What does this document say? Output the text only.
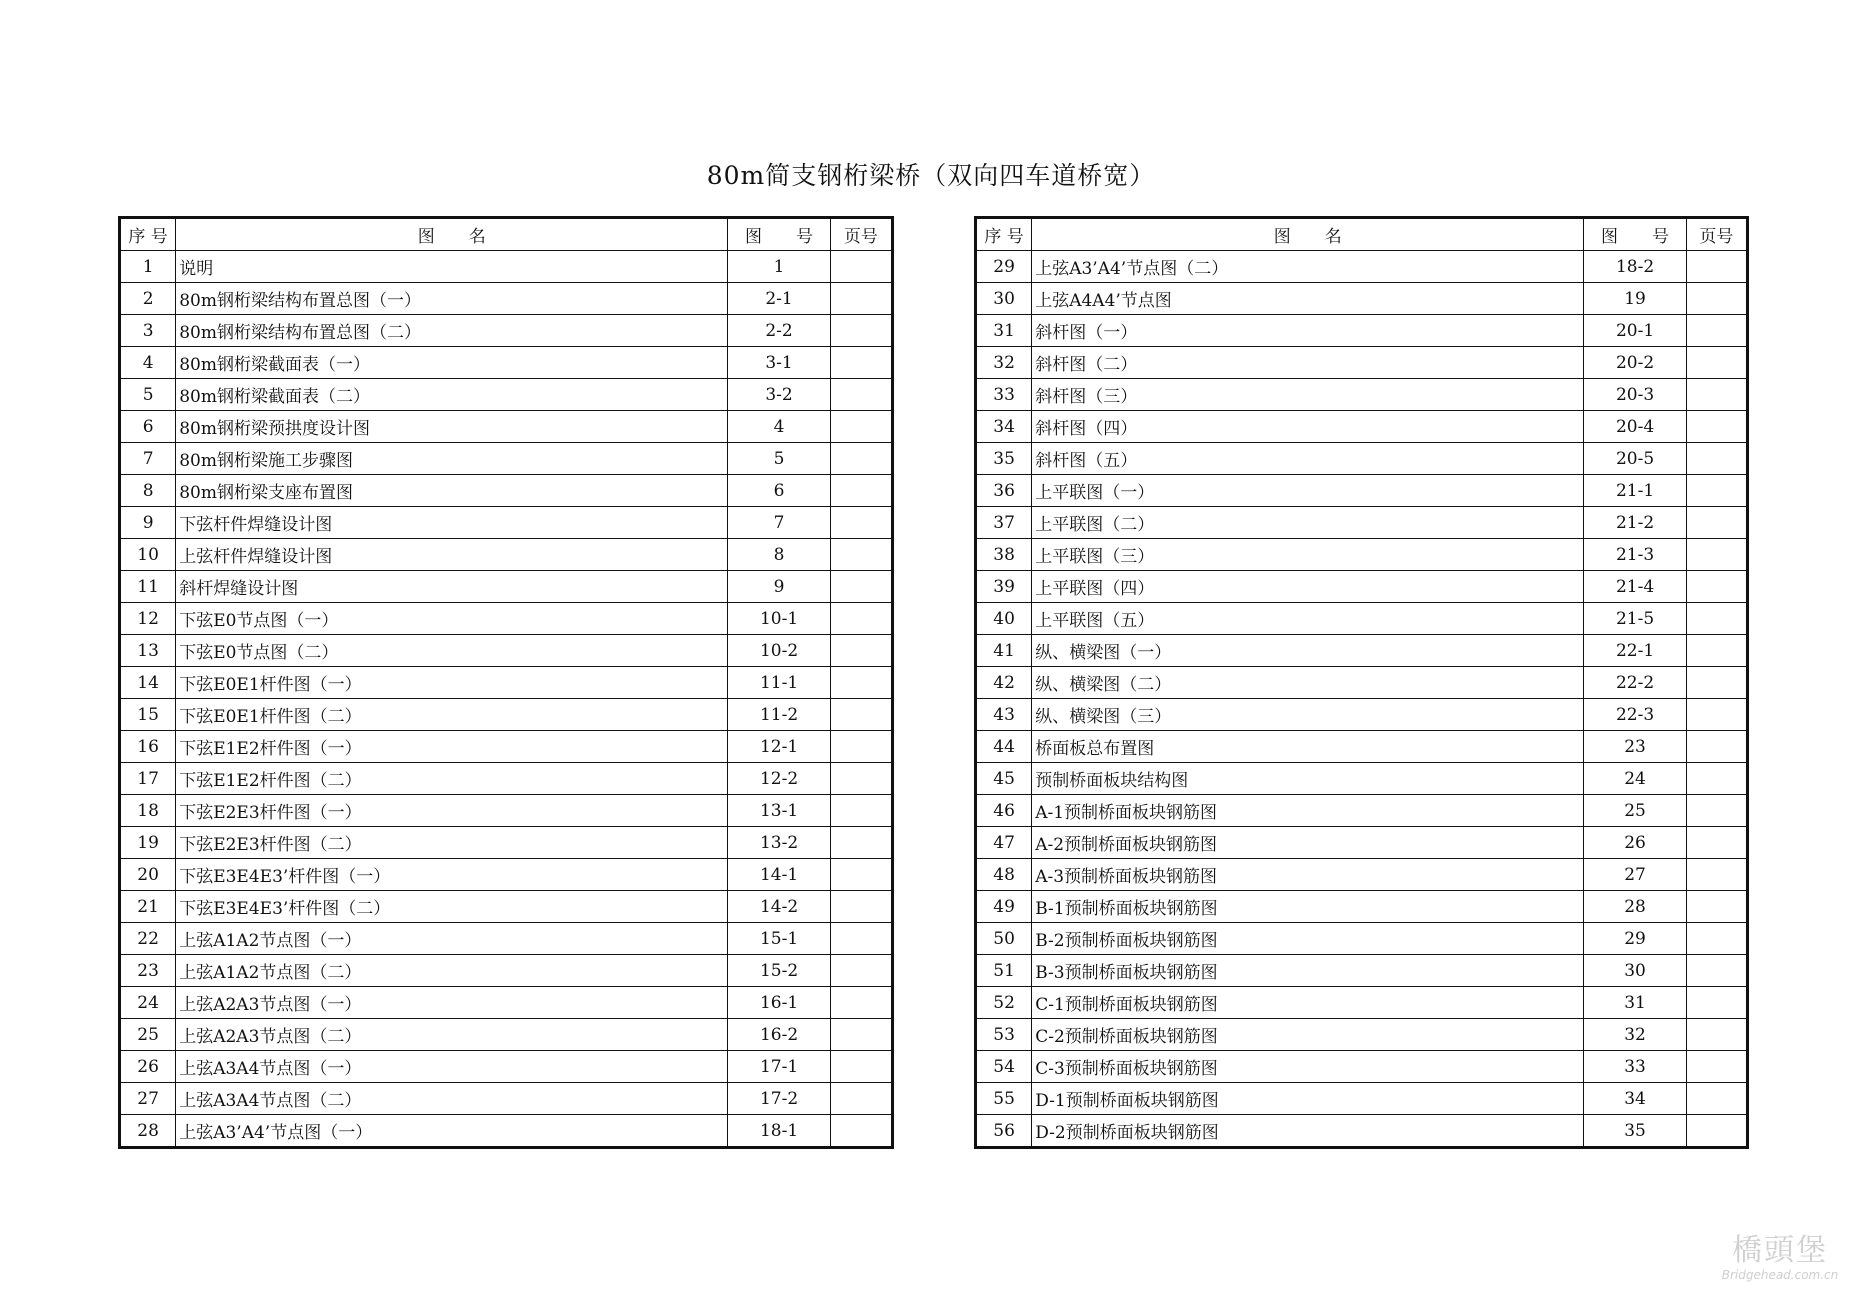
80m简支钢桁梁桥（双向四车道桥宽）
序 号	图　　名	图　　号	页号
1	说明	1	
2	80m钢桁梁结构布置总图（一）	2-1	
3	80m钢桁梁结构布置总图（二）	2-2	
4	80m钢桁梁截面表（一）	3-1	
5	80m钢桁梁截面表（二）	3-2	
6	80m钢桁梁预拱度设计图	4	
7	80m钢桁梁施工步骤图	5	
8	80m钢桁梁支座布置图	6	
9	下弦杆件焊缝设计图	7	
10	上弦杆件焊缝设计图	8	
11	斜杆焊缝设计图	9	
12	下弦E0节点图（一）	10-1	
13	下弦E0节点图（二）	10-2	
14	下弦E0E1杆件图（一）	11-1	
15	下弦E0E1杆件图（二）	11-2	
16	下弦E1E2杆件图（一）	12-1	
17	下弦E1E2杆件图（二）	12-2	
18	下弦E2E3杆件图（一）	13-1	
19	下弦E2E3杆件图（二）	13-2	
20	下弦E3E4E3’杆件图（一）	14-1	
21	下弦E3E4E3’杆件图（二）	14-2	
22	上弦A1A2节点图（一）	15-1	
23	上弦A1A2节点图（二）	15-2	
24	上弦A2A3节点图（一）	16-1	
25	上弦A2A3节点图（二）	16-2	
26	上弦A3A4节点图（一）	17-1	
27	上弦A3A4节点图（二）	17-2	
28	上弦A3’A4’节点图（一）	18-1	
序 号	图　　名	图　　号	页号
29	上弦A3’A4’节点图（二）	18-2	
30	上弦A4A4’节点图	19	
31	斜杆图（一）	20-1	
32	斜杆图（二）	20-2	
33	斜杆图（三）	20-3	
34	斜杆图（四）	20-4	
35	斜杆图（五）	20-5	
36	上平联图（一）	21-1	
37	上平联图（二）	21-2	
38	上平联图（三）	21-3	
39	上平联图（四）	21-4	
40	上平联图（五）	21-5	
41	纵、横梁图（一）	22-1	
42	纵、横梁图（二）	22-2	
43	纵、横梁图（三）	22-3	
44	桥面板总布置图	23	
45	预制桥面板块结构图	24	
46	A-1预制桥面板块钢筋图	25	
47	A-2预制桥面板块钢筋图	26	
48	A-3预制桥面板块钢筋图	27	
49	B-1预制桥面板块钢筋图	28	
50	B-2预制桥面板块钢筋图	29	
51	B-3预制桥面板块钢筋图	30	
52	C-1预制桥面板块钢筋图	31	
53	C-2预制桥面板块钢筋图	32	
54	C-3预制桥面板块钢筋图	33	
55	D-1预制桥面板块钢筋图	34	
56	D-2预制桥面板块钢筋图	35	
橋頭堡
Bridgehead.com.cn
